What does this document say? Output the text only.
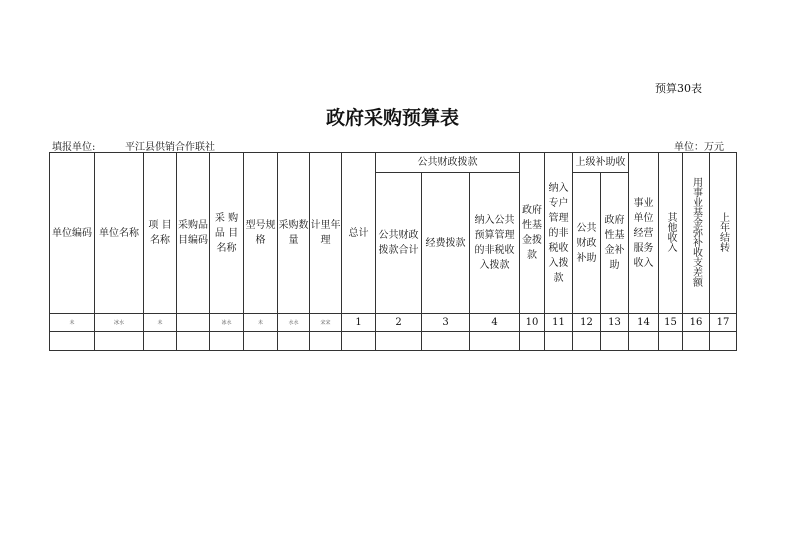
预算30表
政府采购预算表
填报单位:	平江县供销合作联社	单位：万元
单位编码	单位名称	项 目名称	采购品目编码	采 购品 目名称	型号规格	采购数量	计里年理	总计	公共财政拨款			政府性基金拨款	纳入专户管理的非税收入拨款	上级补助收		事业单位经营服务收入	其他收入	用事业基金弥补收支差额	上年结转
									公共财政拨款合计	经费拨款	纳入公共预算管理的非税收入拨款			公共财政补助	政府性基金补助				
未	冰水	未		冰水	未	水水	宋宋	1	2	3	4	10	11	12	13	14	15	16	17
